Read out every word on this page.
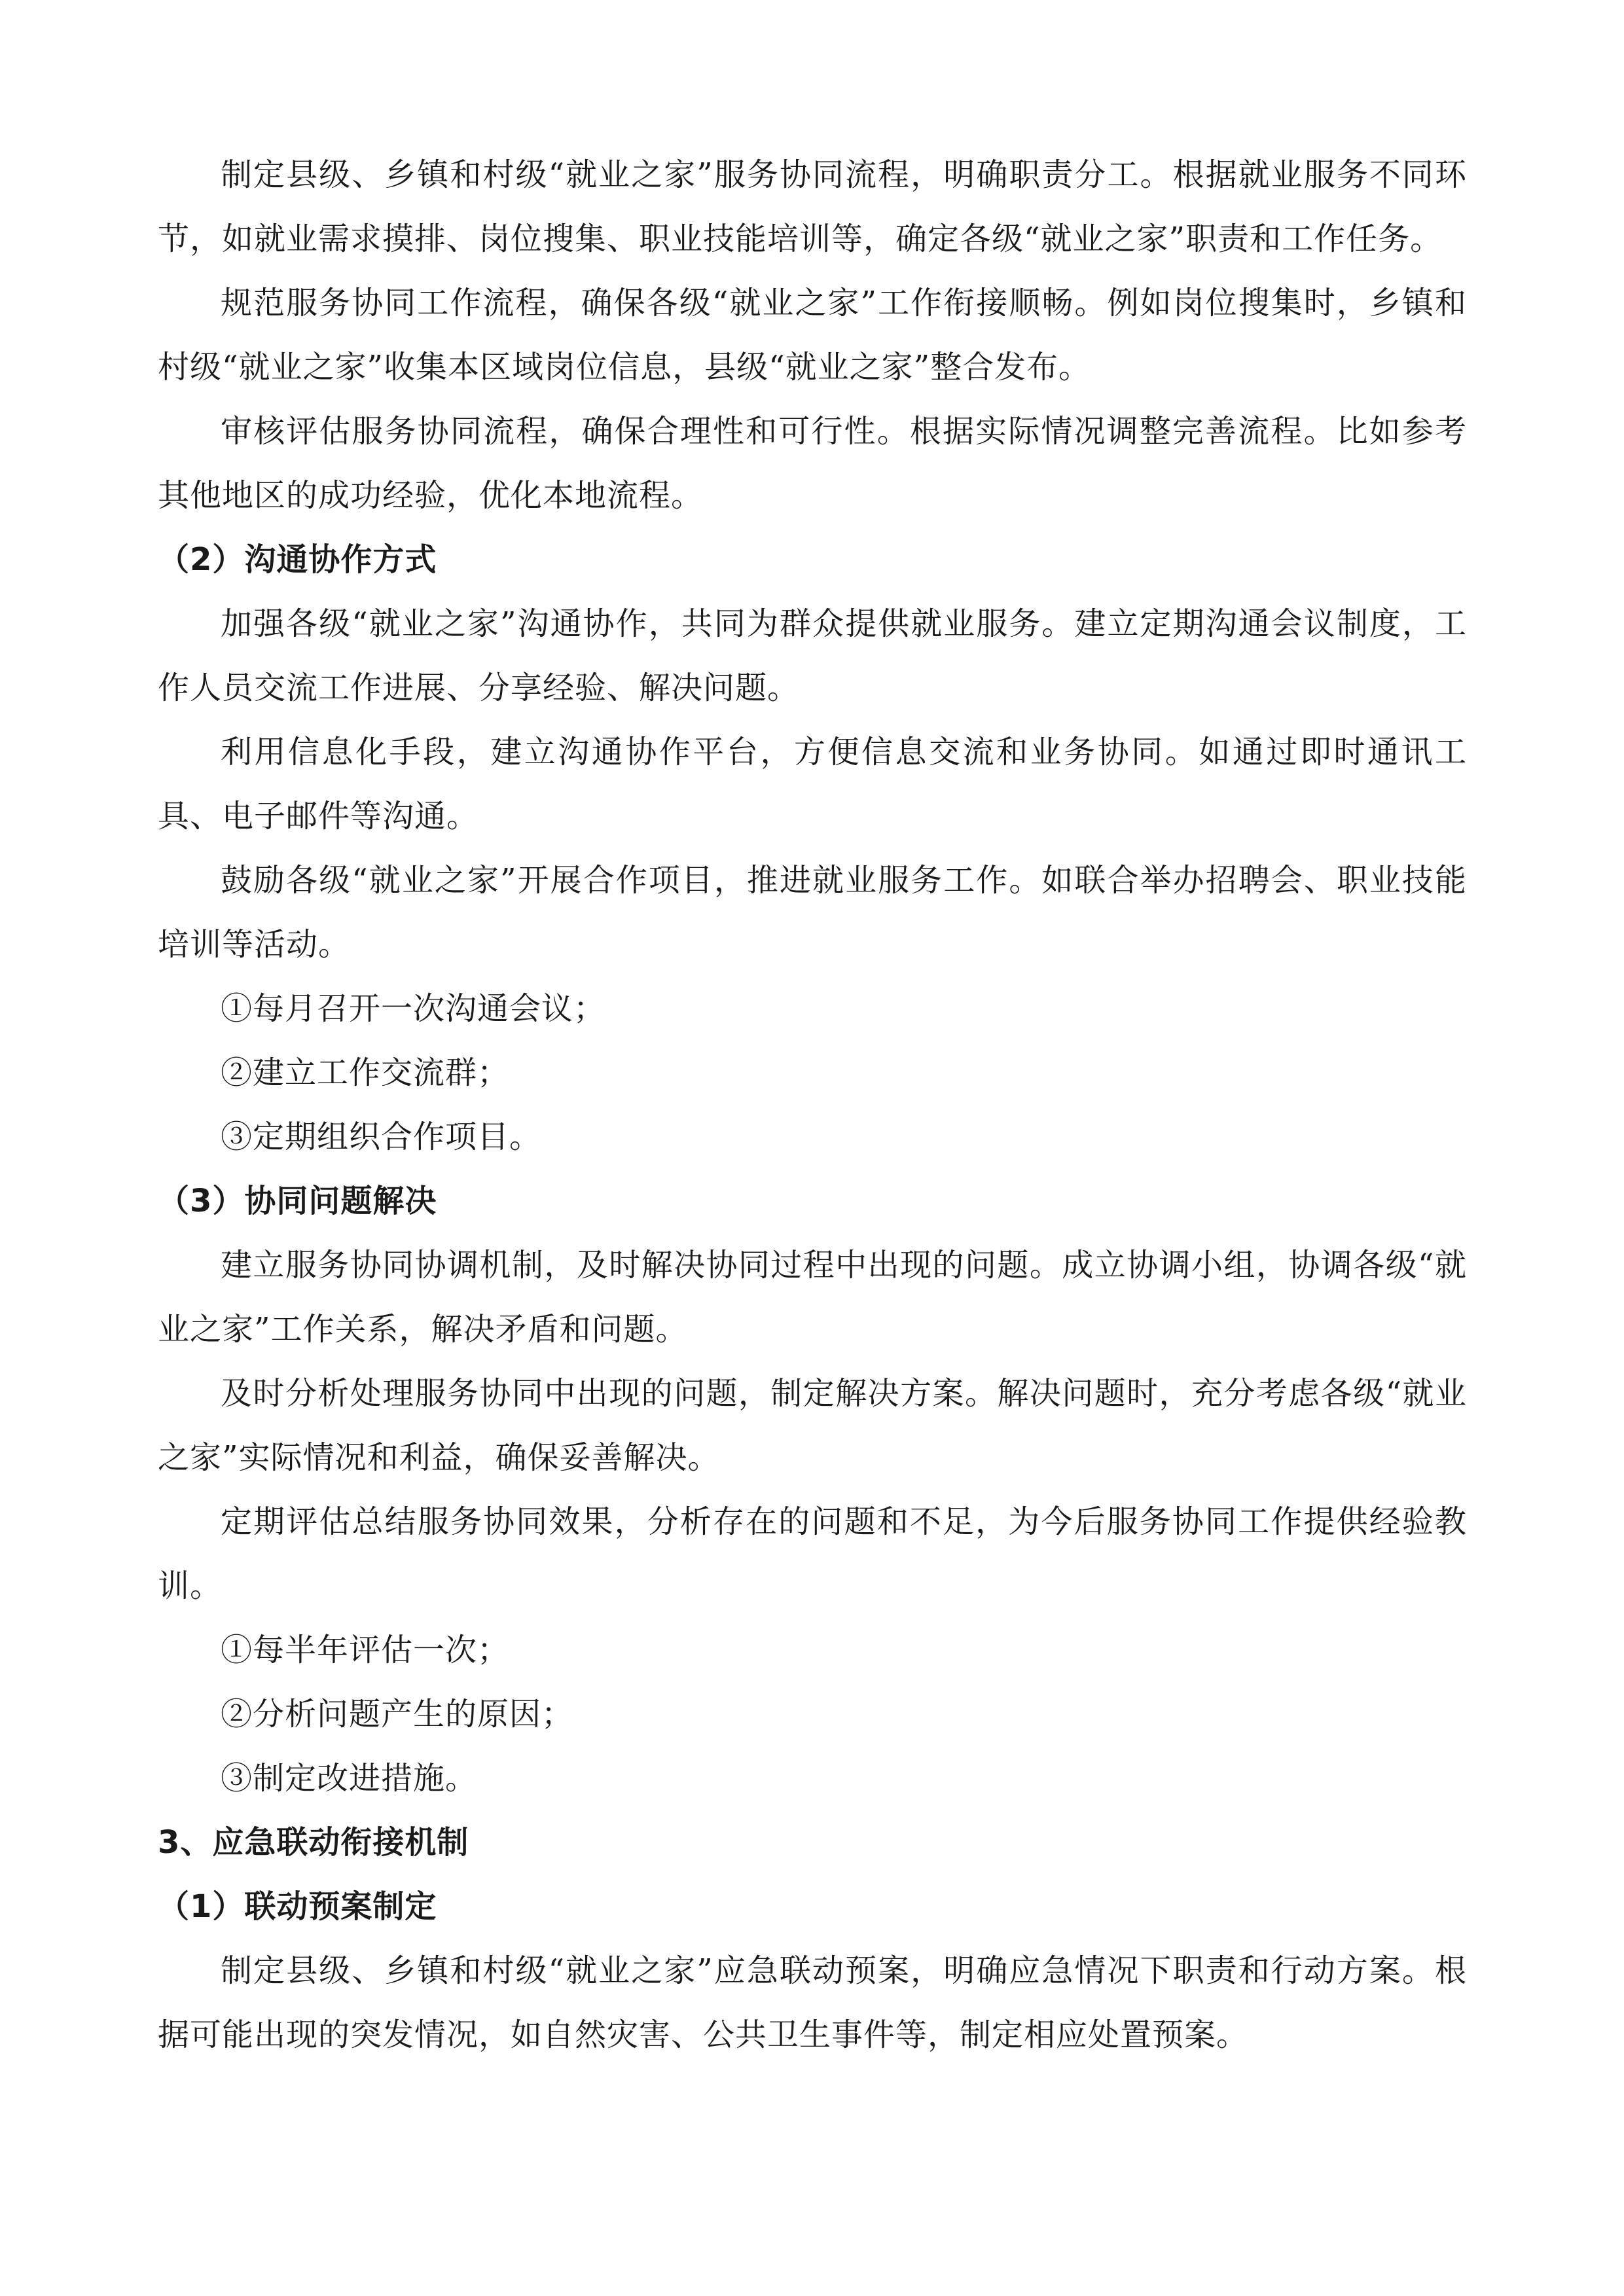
制定县级、乡镇和村级“就业之家”服务协同流程，明确职责分工。根据就业服务不同环节，如就业需求摸排、岗位搜集、职业技能培训等，确定各级“就业之家”职责和工作任务。

规范服务协同工作流程，确保各级“就业之家”工作衔接顺畅。例如岗位搜集时，乡镇和村级“就业之家”收集本区域岗位信息，县级“就业之家”整合发布。

审核评估服务协同流程，确保合理性和可行性。根据实际情况调整完善流程。比如参考其他地区的成功经验，优化本地流程。

（2）沟通协作方式

加强各级“就业之家”沟通协作，共同为群众提供就业服务。建立定期沟通会议制度，工作人员交流工作进展、分享经验、解决问题。

利用信息化手段，建立沟通协作平台，方便信息交流和业务协同。如通过即时通讯工具、电子邮件等沟通。

鼓励各级“就业之家”开展合作项目，推进就业服务工作。如联合举办招聘会、职业技能培训等活动。

①每月召开一次沟通会议；

②建立工作交流群；

③定期组织合作项目。

（3）协同问题解决

建立服务协同协调机制，及时解决协同过程中出现的问题。成立协调小组，协调各级“就业之家”工作关系，解决矛盾和问题。

及时分析处理服务协同中出现的问题，制定解决方案。解决问题时，充分考虑各级“就业之家”实际情况和利益，确保妥善解决。

定期评估总结服务协同效果，分析存在的问题和不足，为今后服务协同工作提供经验教训。

①每半年评估一次；

②分析问题产生的原因；

③制定改进措施。

3、应急联动衔接机制

（1）联动预案制定

制定县级、乡镇和村级“就业之家”应急联动预案，明确应急情况下职责和行动方案。根据可能出现的突发情况，如自然灾害、公共卫生事件等，制定相应处置预案。
